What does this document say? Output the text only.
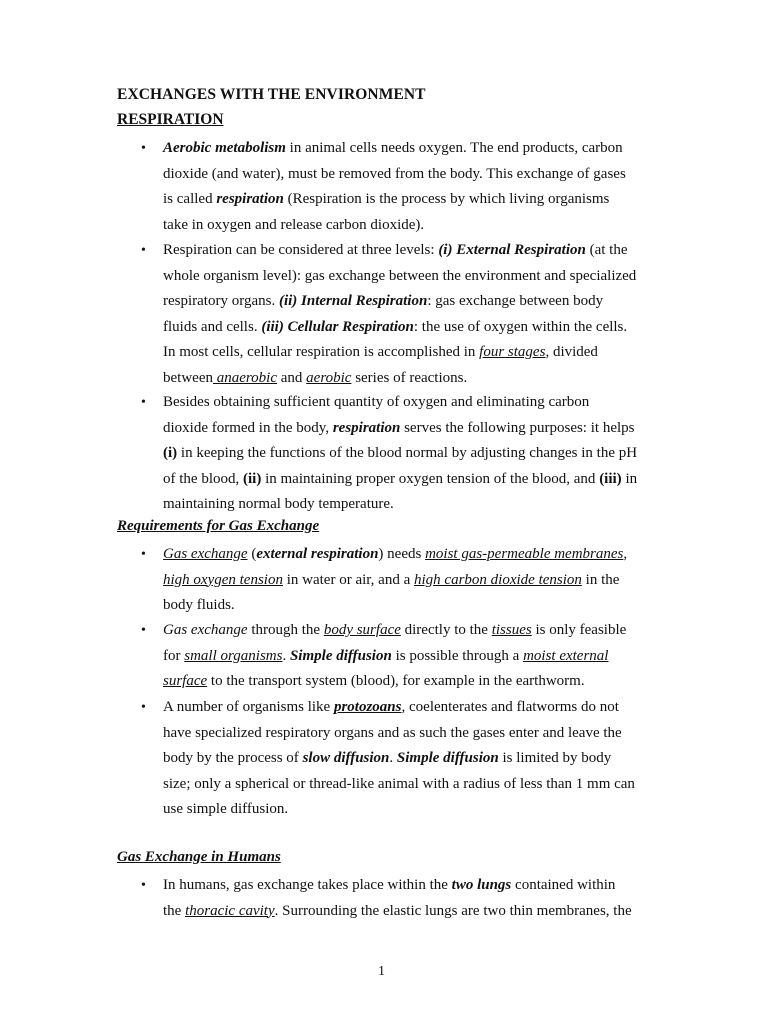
EXCHANGES WITH THE ENVIRONMENT
RESPIRATION
• Aerobic metabolism in animal cells needs oxygen. The end products, carbon
dioxide (and water), must be removed from the body. This exchange of gases
is called respiration (Respiration is the process by which living organisms
take in oxygen and release carbon dioxide).
• Respiration can be considered at three levels: (i) External Respiration (at the
whole organism level): gas exchange between the environment and specialized
respiratory organs. (ii) Internal Respiration: gas exchange between body
fluids and cells. (iii) Cellular Respiration: the use of oxygen within the cells.
In most cells, cellular respiration is accomplished in four stages, divided
between anaerobic and aerobic series of reactions.
• Besides obtaining sufficient quantity of oxygen and eliminating carbon
dioxide formed in the body, respiration serves the following purposes: it helps
(i) in keeping the functions of the blood normal by adjusting changes in the pH
of the blood, (ii) in maintaining proper oxygen tension of the blood, and (iii) in
maintaining normal body temperature.
Requirements for Gas Exchange
• Gas exchange (external respiration) needs moist gas-permeable membranes,
high oxygen tension in water or air, and a high carbon dioxide tension in the
body fluids.
• Gas exchange through the body surface directly to the tissues is only feasible
for small organisms. Simple diffusion is possible through a moist external
surface to the transport system (blood), for example in the earthworm.
• A number of organisms like protozoans, coelenterates and flatworms do not
have specialized respiratory organs and as such the gases enter and leave the
body by the process of slow diffusion. Simple diffusion is limited by body
size; only a spherical or thread-like animal with a radius of less than 1 mm can
use simple diffusion.
Gas Exchange in Humans
• In humans, gas exchange takes place within the two lungs contained within
the thoracic cavity. Surrounding the elastic lungs are two thin membranes, the
1
